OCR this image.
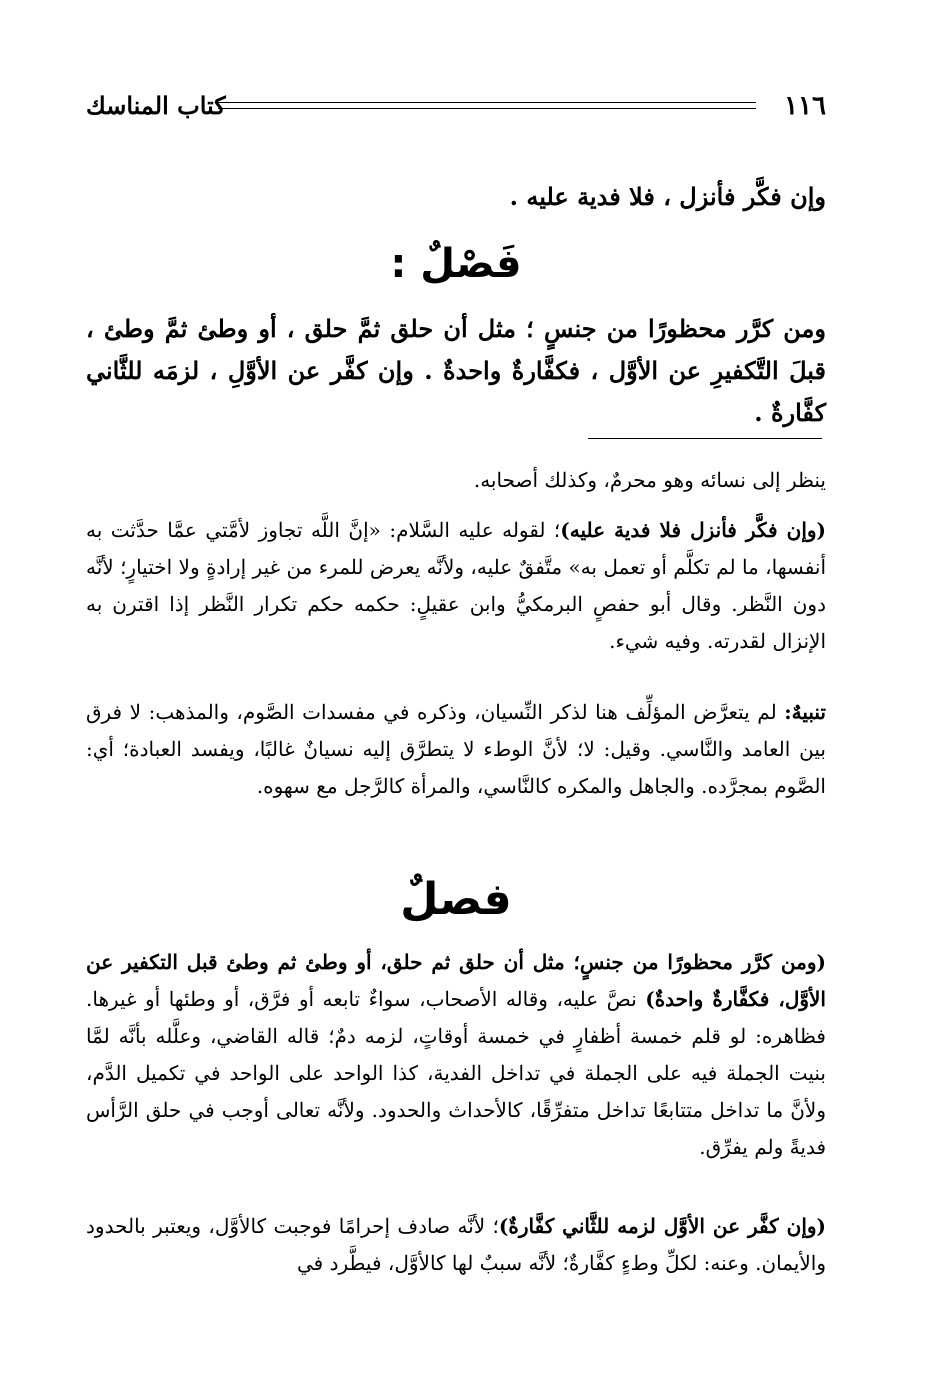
١١٦
كتاب المناسك
وإن فكَّر فأنزل ، فلا فدية عليه .
فَصْلٌ :
ومن كرَّر محظورًا من جنسٍ ؛ مثل أن حلق ثمَّ حلق ، أو وطئ ثمَّ وطئ ، قبلَ التَّكفيرِ عن الأوَّل ، فكفَّارةٌ واحدةٌ . وإن كفَّر عن الأوَّلِ ، لزمَه للثَّاني كفَّارةٌ .
ينظر إلى نسائه وهو محرمٌ، وكذلك أصحابه.
(وإن فكَّر فأنزل فلا فدية عليه)؛ لقوله عليه السَّلام: «إنَّ اللَّه تجاوز لأمَّتي عمَّا حدَّثت به أنفسها، ما لم تكلَّم أو تعمل به» متَّفقٌ عليه، ولأنَّه يعرض للمرء من غير إرادةٍ ولا اختيارٍ؛ لأنَّه دون النَّظر. وقال أبو حفصٍ البرمكيُّ وابن عقيلٍ: حكمه حكم تكرار النَّظر إذا اقترن به الإنزال لقدرته. وفيه شيء.
تنبيهٌ: لم يتعرَّض المؤلِّف هنا لذكر النِّسيان، وذكره في مفسدات الصَّوم، والمذهب: لا فرق بين العامد والنَّاسي. وقيل: لا؛ لأنَّ الوطء لا يتطرَّق إليه نسيانٌ غالبًا، ويفسد العبادة؛ أي: الصَّوم بمجرَّده. والجاهل والمكره كالنَّاسي، والمرأة كالرَّجل مع سهوه.
فصلٌ
(ومن كرَّر محظورًا من جنسٍ؛ مثل أن حلق ثم حلق، أو وطئ ثم وطئ قبل التكفير عن الأوَّل، فكفَّارةٌ واحدةٌ) نصَّ عليه، وقاله الأصحاب، سواءٌ تابعه أو فرَّق، أو وطئها أو غيرها. فظاهره: لو قلم خمسة أظفارٍ في خمسة أوقاتٍ، لزمه دمٌ؛ قاله القاضي، وعلَّله بأنَّه لمَّا بنيت الجملة فيه على الجملة في تداخل الفدية، كذا الواحد على الواحد في تكميل الدَّم، ولأنَّ ما تداخل متتابعًا تداخل متفرِّقًا، كالأحداث والحدود. ولأنَّه تعالى أوجب في حلق الرَّأس فديةً ولم يفرِّق.
(وإن كفَّر عن الأوَّل لزمه للثَّاني كفَّارةٌ)؛ لأنَّه صادف إحرامًا فوجبت كالأوَّل، ويعتبر بالحدود والأيمان. وعنه: لكلِّ وطءٍ كفَّارةٌ؛ لأنَّه سببٌ لها كالأوَّل، فيطَّرد في
